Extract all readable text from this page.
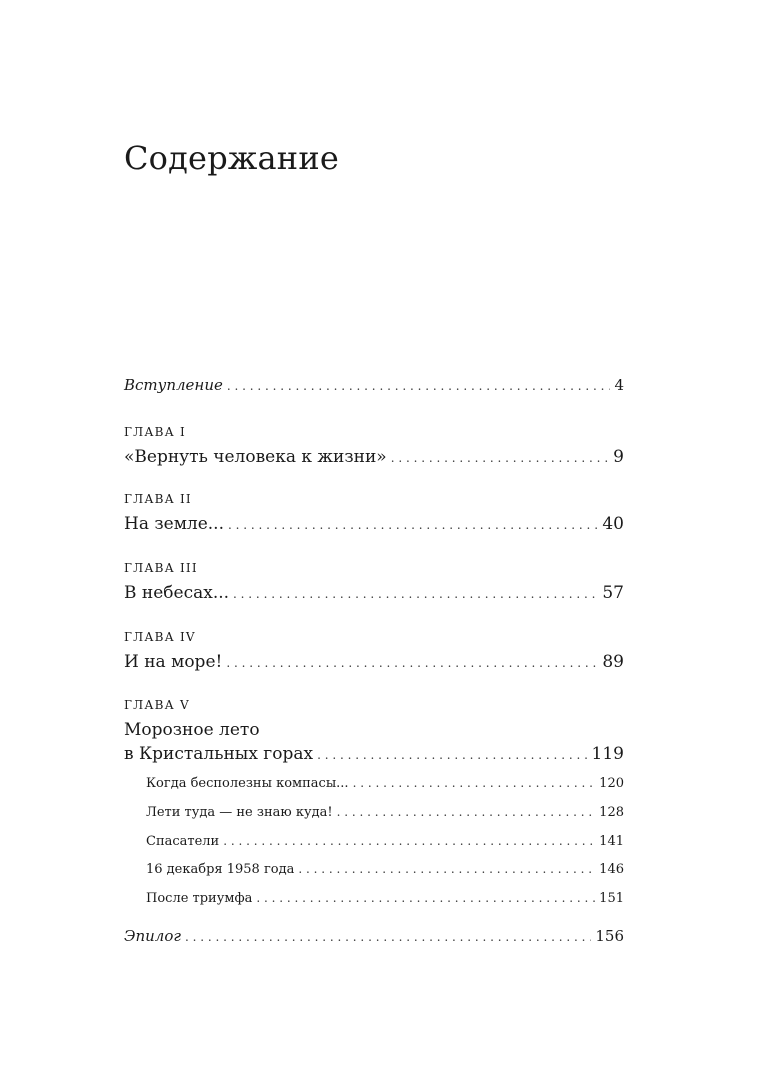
Содержание
Вступление . . .	4
ГЛАВА I
«Вернуть человека к жизни» . . .	9
ГЛАВА II
На земле... . . .	40
ГЛАВА III
В небесах... . . .	57
ГЛАВА IV
И на море! . . .	89
ГЛАВА V
Морозное лето
в Кристальных горах . . .	119
Когда бесполезны компасы... . . .	120
Лети туда — не знаю куда! . . .	128
Спасатели . . .	141
16 декабря 1958 года . . .	146
После триумфа . . .	151
Эпилог . . .	156
